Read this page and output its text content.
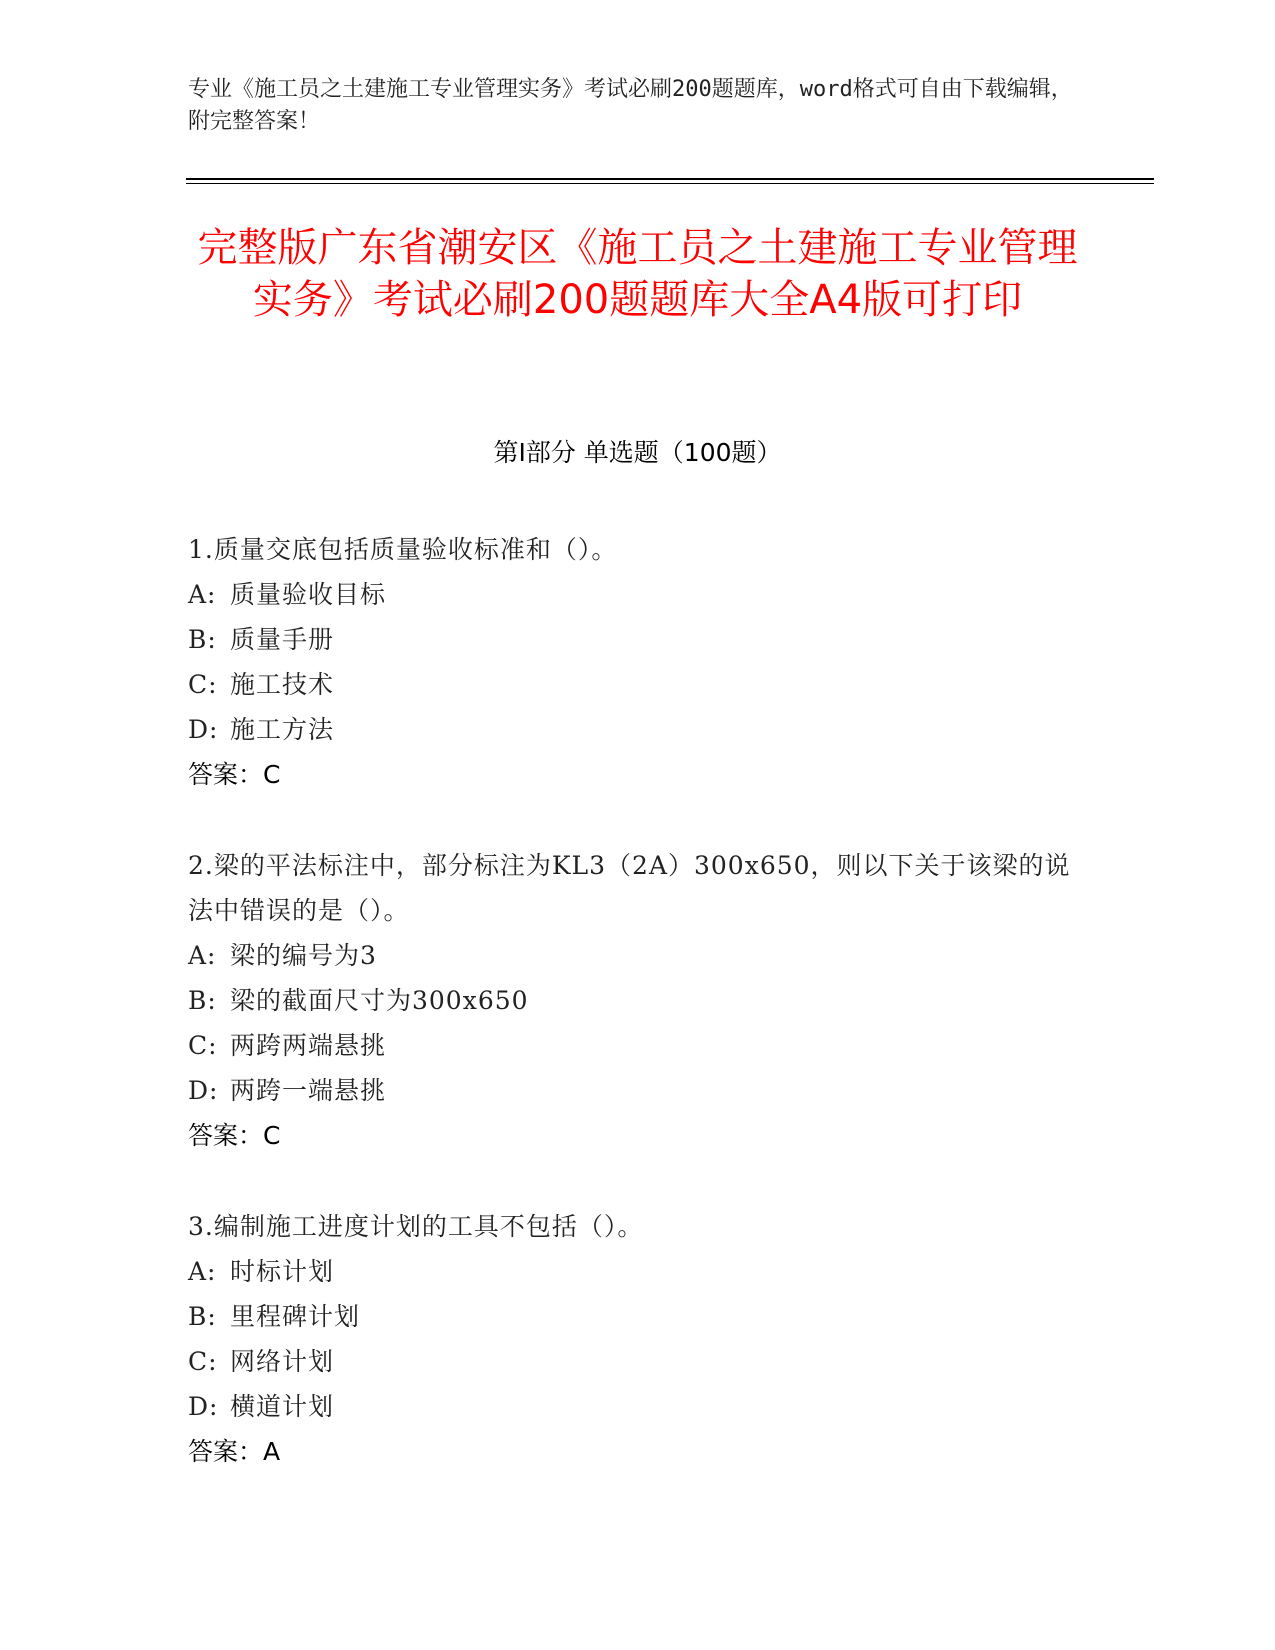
专业《施工员之土建施工专业管理实务》考试必刷200题题库，word格式可自由下载编辑，附完整答案！
完整版广东省潮安区《施工员之土建施工专业管理实务》考试必刷200题题库大全A4版可打印
第Ⅰ部分 单选题（100题）
1.质量交底包括质量验收标准和（）。
A: 质量验收目标
B: 质量手册
C: 施工技术
D: 施工方法
答案：C
2.梁的平法标注中，部分标注为KL3（2A）300x650，则以下关于该梁的说法中错误的是（）。
A: 梁的编号为3
B: 梁的截面尺寸为300x650
C: 两跨两端悬挑
D: 两跨一端悬挑
答案：C
3.编制施工进度计划的工具不包括（）。
A: 时标计划
B: 里程碑计划
C: 网络计划
D: 横道计划
答案：A
